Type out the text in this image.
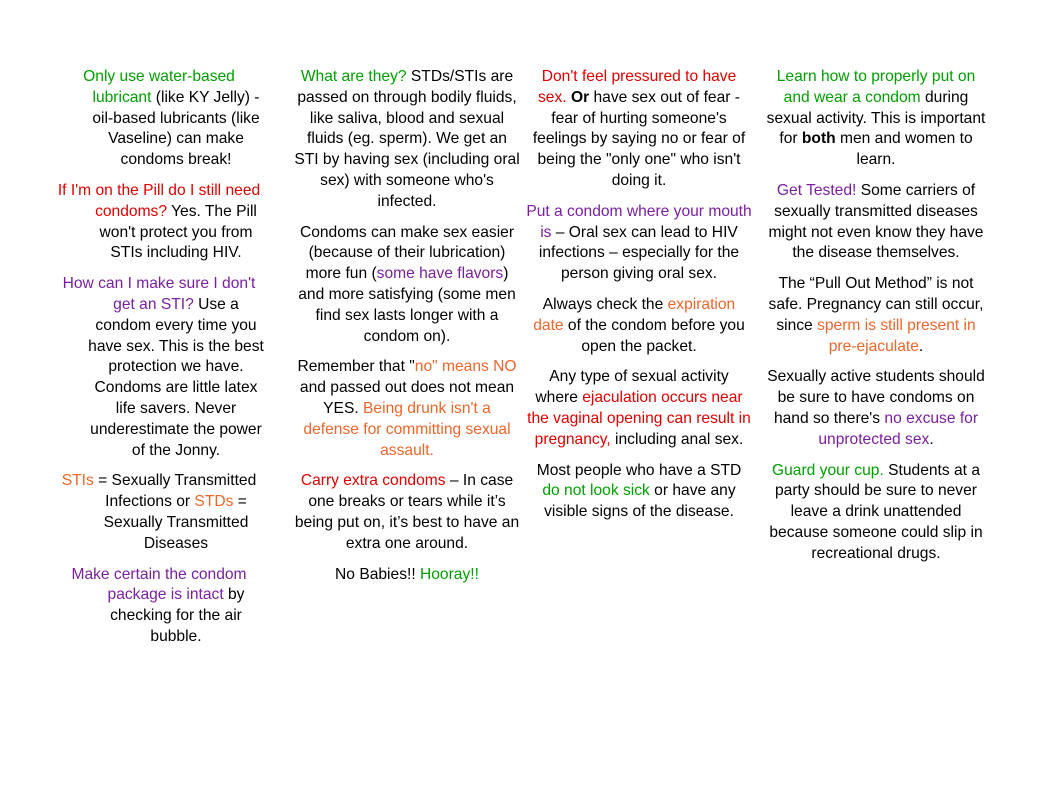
Only use water-based lubricant (like KY Jelly) - oil-based lubricants (like Vaseline) can make condoms break!

If I'm on the Pill do I still need condoms? Yes. The Pill won't protect you from STIs including HIV.

How can I make sure I don't get an STI? Use a condom every time you have sex. This is the best protection we have. Condoms are little latex life savers. Never underestimate the power of the Jonny.

STIs = Sexually Transmitted Infections or STDs = Sexually Transmitted Diseases

Make certain the condom package is intact by checking for the air bubble.

What are they? STDs/STIs are passed on through bodily fluids, like saliva, blood and sexual fluids (eg. sperm). We get an STI by having sex (including oral sex) with someone who's infected.

Condoms can make sex easier (because of their lubrication) more fun (some have flavors) and more satisfying (some men find sex lasts longer with a condom on).

Remember that "no" means NO and passed out does not mean YES. Being drunk isn't a defense for committing sexual assault.

Carry extra condoms – In case one breaks or tears while it’s being put on, it’s best to have an extra one around.

No Babies!! Hooray!!

Don't feel pressured to have sex. Or have sex out of fear - fear of hurting someone's feelings by saying no or fear of being the "only one" who isn't doing it.

Put a condom where your mouth is – Oral sex can lead to HIV infections – especially for the person giving oral sex.

Always check the expiration date of the condom before you open the packet.

Any type of sexual activity where ejaculation occurs near the vaginal opening can result in pregnancy, including anal sex.

Most people who have a STD do not look sick or have any visible signs of the disease.

Learn how to properly put on and wear a condom during sexual activity. This is important for both men and women to learn.

Get Tested! Some carriers of sexually transmitted diseases might not even know they have the disease themselves.

The “Pull Out Method” is not safe. Pregnancy can still occur, since sperm is still present in pre-ejaculate.

Sexually active students should be sure to have condoms on hand so there's no excuse for unprotected sex.

Guard your cup. Students at a party should be sure to never leave a drink unattended because someone could slip in recreational drugs.
